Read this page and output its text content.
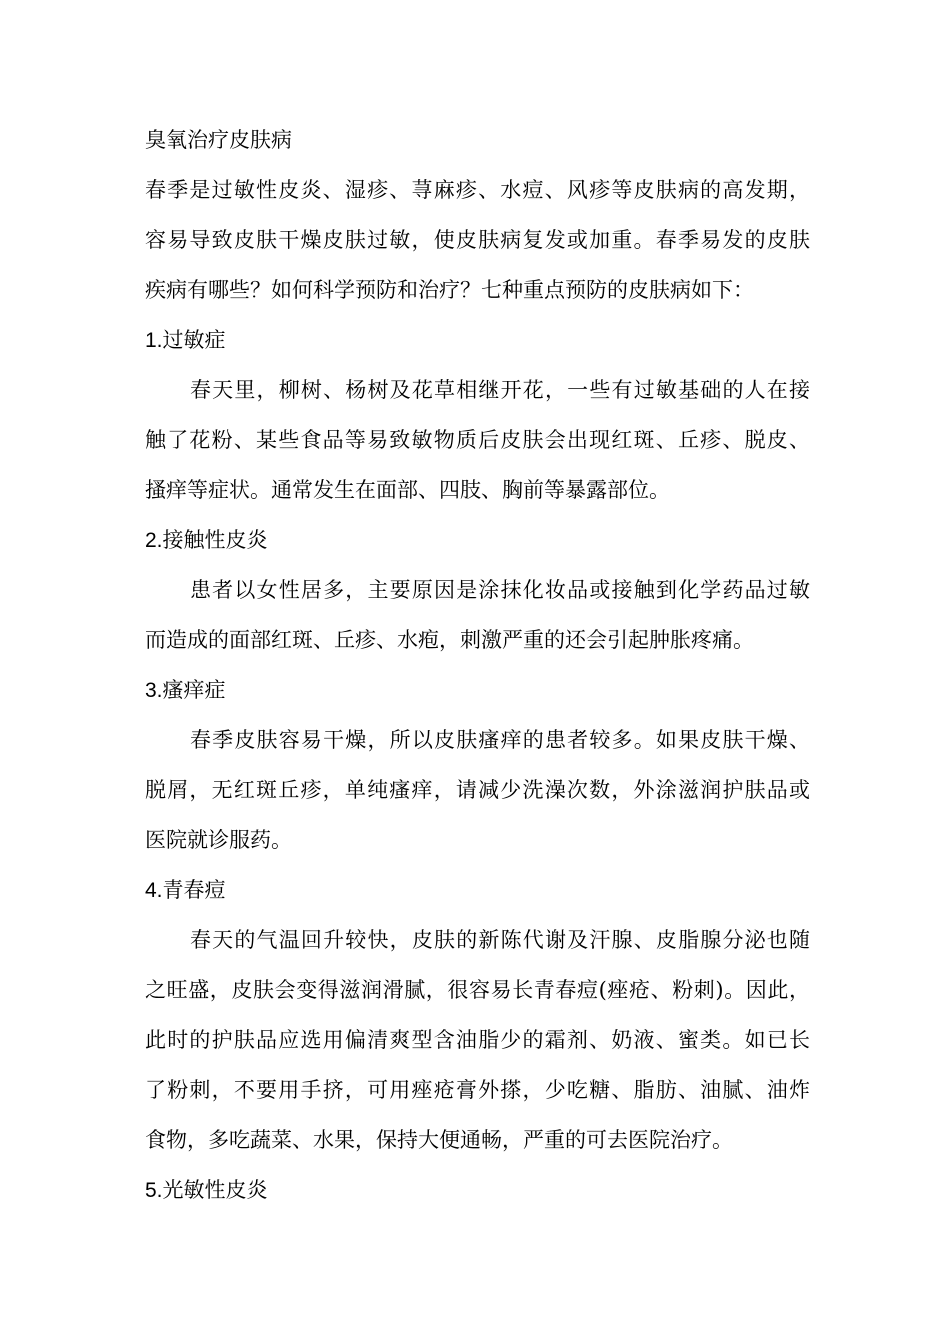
臭氧治疗皮肤病
春季是过敏性皮炎、湿疹、荨麻疹、水痘、风疹等皮肤病的高发期，
容易导致皮肤干燥皮肤过敏，使皮肤病复发或加重。春季易发的皮肤
疾病有哪些？如何科学预防和治疗？七种重点预防的皮肤病如下：
1.过敏症
春天里，柳树、杨树及花草相继开花，一些有过敏基础的人在接
触了花粉、某些食品等易致敏物质后皮肤会出现红斑、丘疹、脱皮、
搔痒等症状。通常发生在面部、四肢、胸前等暴露部位。
2.接触性皮炎
患者以女性居多，主要原因是涂抹化妆品或接触到化学药品过敏
而造成的面部红斑、丘疹、水疱，刺激严重的还会引起肿胀疼痛。
3.瘙痒症
春季皮肤容易干燥，所以皮肤瘙痒的患者较多。如果皮肤干燥、
脱屑，无红斑丘疹，单纯瘙痒，请减少洗澡次数，外涂滋润护肤品或
医院就诊服药。
4.青春痘
春天的气温回升较快，皮肤的新陈代谢及汗腺、皮脂腺分泌也随
之旺盛，皮肤会变得滋润滑腻，很容易长青春痘(痤疮、粉刺)。因此，
此时的护肤品应选用偏清爽型含油脂少的霜剂、奶液、蜜类。如已长
了粉刺，不要用手挤，可用痤疮膏外搽，少吃糖、脂肪、油腻、油炸
食物，多吃蔬菜、水果，保持大便通畅，严重的可去医院治疗。
5.光敏性皮炎
